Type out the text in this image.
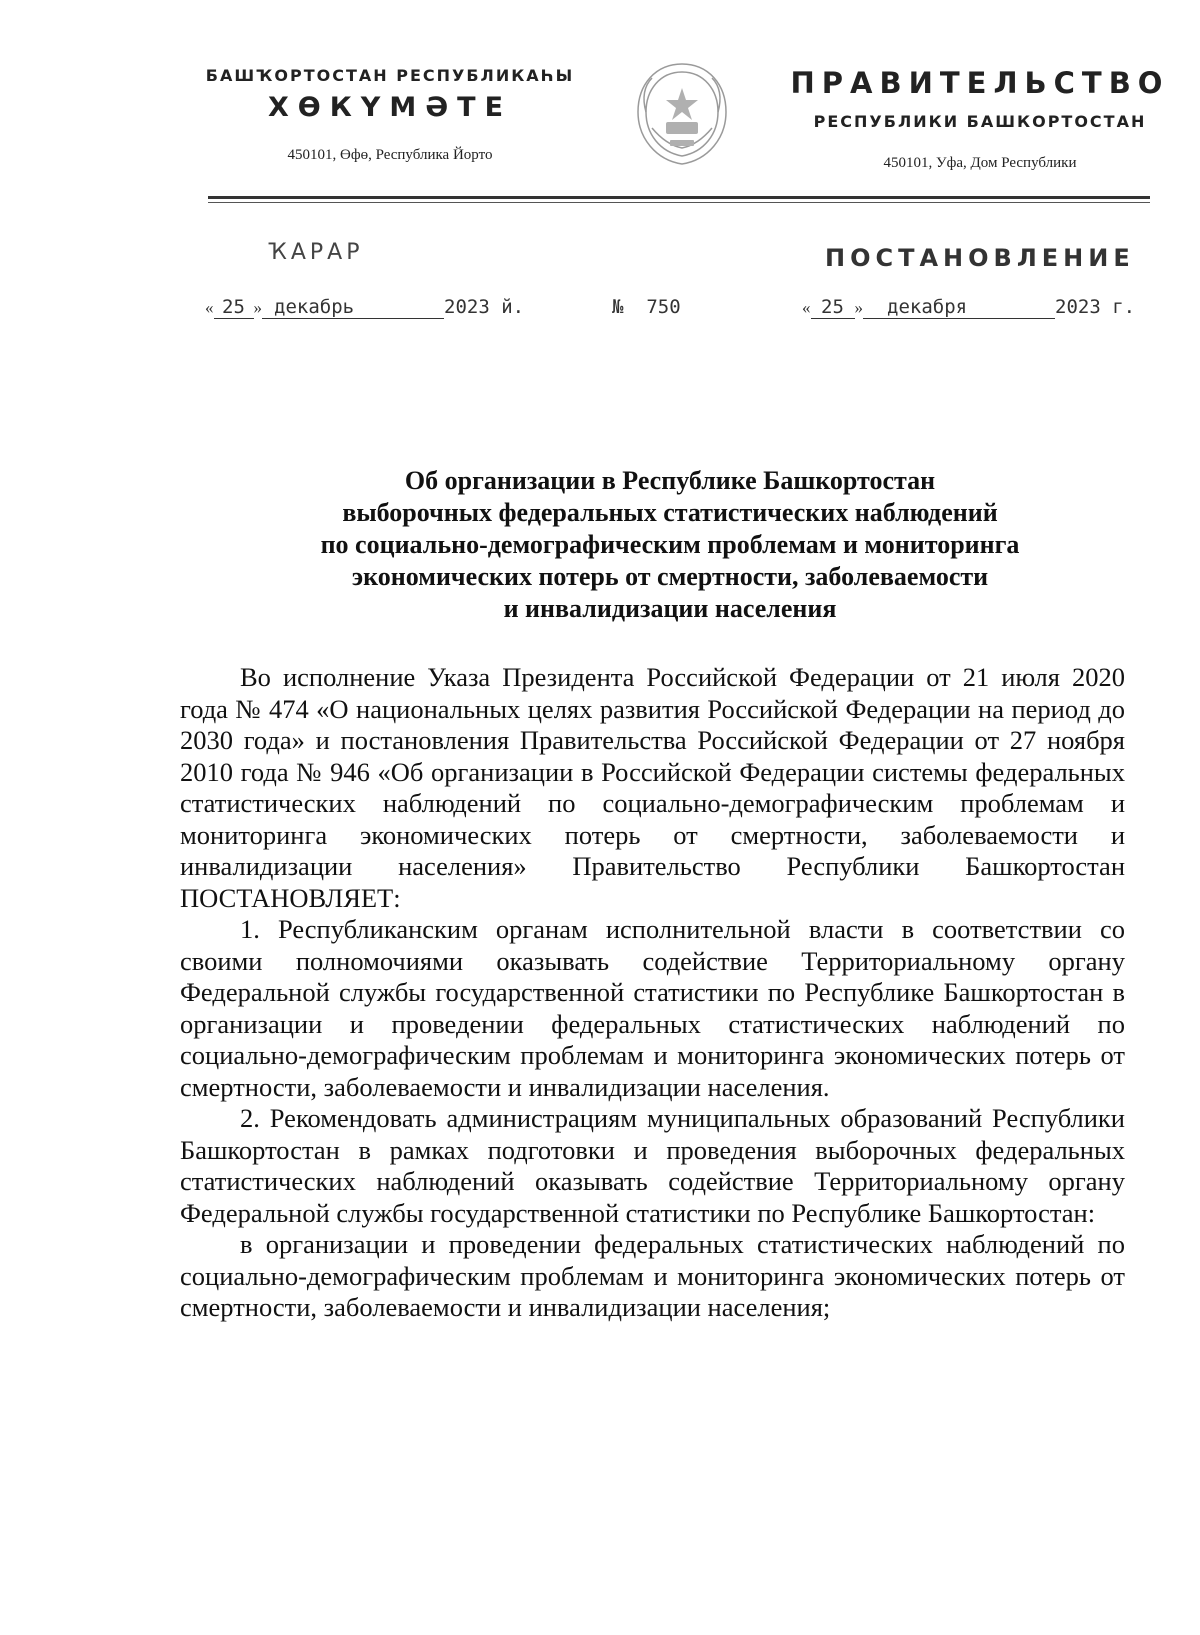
БАШҠОРТОСТАН РЕСПУБЛИКАҺЫ
ХӨКҮМӘТЕ
450101, Өфө, Республика Йорто
ПРАВИТЕЛЬСТВО
РЕСПУБЛИКИ БАШКОРТОСТАН
450101, Уфа, Дом Республики
ҠАРАР	ПОСТАНОВЛЕНИЕ
« 25 » декабрь	2023 й.	№ 750	« 25 » декабря	2023 г.
Об организации в Республике Башкортостан
выборочных федеральных статистических наблюдений
по социально-демографическим проблемам и мониторинга
экономических потерь от смертности, заболеваемости
и инвалидизации населения

Во исполнение Указа Президента Российской Федерации от 21 июля 2020 года № 474 «О национальных целях развития Российской Федерации на период до 2030 года» и постановления Правительства Российской Федерации от 27 ноября 2010 года № 946 «Об организации в Российской Федерации системы федеральных статистических наблюдений по социально-демографическим проблемам и мониторинга экономических потерь от смертности, заболеваемости и инвалидизации населения» Правительство Республики Башкортостан ПОСТАНОВЛЯЕТ:

1. Республиканским органам исполнительной власти в соответствии со своими полномочиями оказывать содействие Территориальному органу Федеральной службы государственной статистики по Республике Башкортостан в организации и проведении федеральных статистических наблюдений по социально-демографическим проблемам и мониторинга экономических потерь от смертности, заболеваемости и инвалидизации населения.

2. Рекомендовать администрациям муниципальных образований Республики Башкортостан в рамках подготовки и проведения выборочных федеральных статистических наблюдений оказывать содействие Территориальному органу Федеральной службы государственной статистики по Республике Башкортостан:

в организации и проведении федеральных статистических наблюдений по социально-демографическим проблемам и мониторинга экономических потерь от смертности, заболеваемости и инвалидизации населения;
